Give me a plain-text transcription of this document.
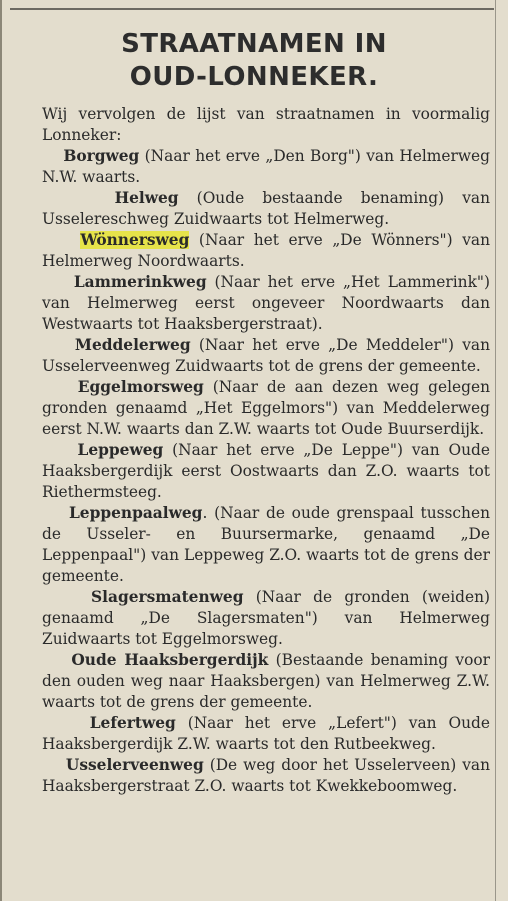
STRAATNAMEN IN
OUD-LONNEKER.

Wij vervolgen de lijst van straatnamen in voormalig Lonneker:

Borgweg (Naar het erve „Den Borg") van Helmerweg N.W. waarts.

Helweg (Oude bestaande benaming) van Usselereschweg Zuidwaarts tot Helmerweg.

Wönnersweg (Naar het erve „De Wönners") van Helmerweg Noordwaarts.

Lammerinkweg (Naar het erve „Het Lammerink") van Helmerweg eerst ongeveer Noordwaarts dan Westwaarts tot Haaksbergerstraat).

Meddelerweg (Naar het erve „De Meddeler") van Usselerveenweg Zuidwaarts tot de grens der gemeente.

Eggelmorsweg (Naar de aan dezen weg gelegen gronden genaamd „Het Eggelmors") van Meddelerweg eerst N.W. waarts dan Z.W. waarts tot Oude Buurserdijk.

Leppeweg (Naar het erve „De Leppe") van Oude Haaksbergerdijk eerst Oostwaarts dan Z.O. waarts tot Riethermsteeg.

Leppenpaalweg. (Naar de oude grenspaal tusschen de Usseler- en Buursermarke, genaamd „De Leppenpaal") van Leppeweg Z.O. waarts tot de grens der gemeente.

Slagersmatenweg (Naar de gronden (weiden) genaamd „De Slagersmaten") van Helmerweg Zuidwaarts tot Eggelmorsweg.

Oude Haaksbergerdijk (Bestaande benaming voor den ouden weg naar Haaksbergen) van Helmerweg Z.W. waarts tot de grens der gemeente.

Lefertweg (Naar het erve „Lefert") van Oude Haaksbergerdijk Z.W. waarts tot den Rutbeekweg.

Usselerveenweg (De weg door het Usselerveen) van Haaksbergerstraat Z.O. waarts tot Kwekkeboomweg.
